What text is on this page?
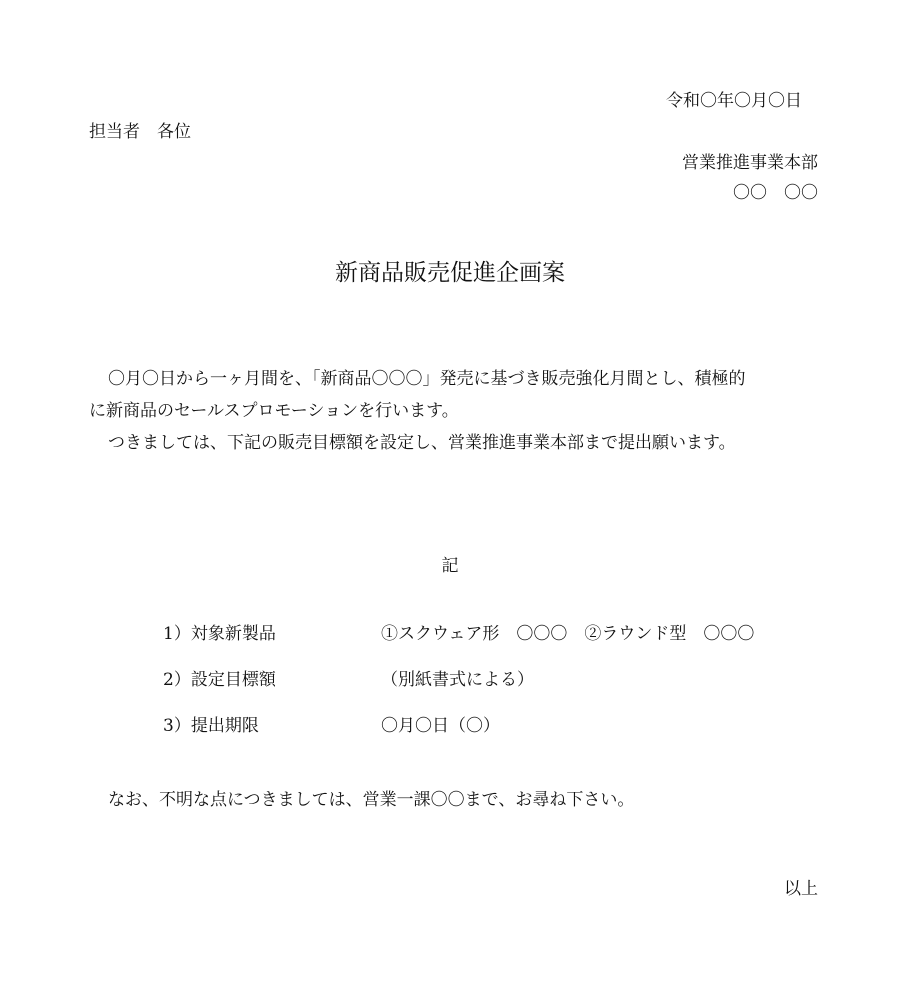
令和〇年〇月〇日
担当者　各位
営業推進事業本部
〇〇　〇〇
新商品販売促進企画案
〇月〇日から一ヶ月間を、「新商品〇〇〇」発売に基づき販売強化月間とし、積極的
に新商品のセールスプロモーションを行います。
つきましては、下記の販売目標額を設定し、営業推進事業本部まで提出願います。
記
1）対象新製品	①スクウェア形　〇〇〇　②ラウンド型　〇〇〇
2）設定目標額	（別紙書式による）
3）提出期限	〇月〇日（〇）
なお、不明な点につきましては、営業一課〇〇まで、お尋ね下さい。
以上
